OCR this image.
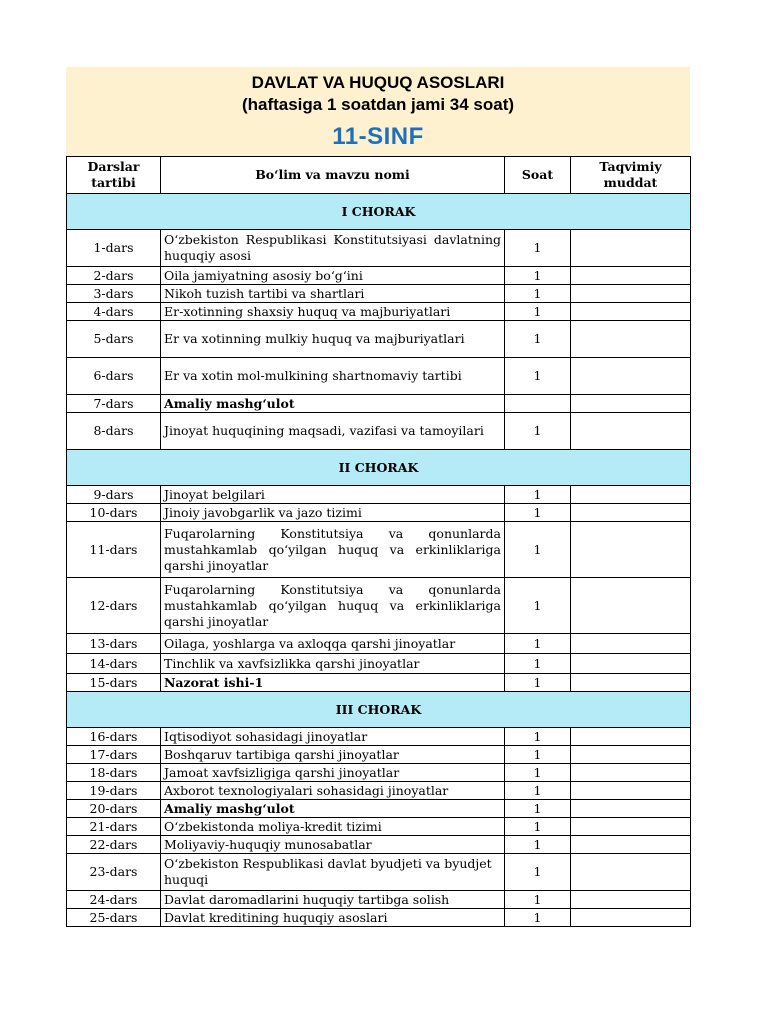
DAVLAT VA HUQUQ ASOSLARI
(haftasiga 1 soatdan jami 34 soat)
11-SINF
Darslar tartibi	Bo‘lim va mavzu nomi	Soat	Taqvimiy muddat
I CHORAK			
1-dars	O‘zbekiston Respublikasi Konstitutsiyasi davlatning huquqiy asosi	1	
2-dars	Oila jamiyatning asosiy bo‘g‘ini	1	
3-dars	Nikoh tuzish tartibi va shartlari	1	
4-dars	Er-xotinning shaxsiy huquq va majburiyatlari	1	
5-dars	Er va xotinning mulkiy huquq va majburiyatlari	1	
6-dars	Er va xotin mol-mulkining shartnomaviy tartibi	1	
7-dars	Amaliy mashg‘ulot		
8-dars	Jinoyat huquqining maqsadi, vazifasi va tamoyilari	1	
II CHORAK			
9-dars	Jinoyat belgilari	1	
10-dars	Jinoiy javobgarlik va jazo tizimi	1	
11-dars	Fuqarolarning Konstitutsiya va qonunlarda mustahkamlab qo‘yilgan huquq va erkinliklariga qarshi jinoyatlar	1	
12-dars	Fuqarolarning Konstitutsiya va qonunlarda mustahkamlab qo‘yilgan huquq va erkinliklariga qarshi jinoyatlar	1	
13-dars	Oilaga, yoshlarga va axloqqa qarshi jinoyatlar	1	
14-dars	Tinchlik va xavfsizlikka qarshi jinoyatlar	1	
15-dars	Nazorat ishi-1	1	
III CHORAK			
16-dars	Iqtisodiyot sohasidagi jinoyatlar	1	
17-dars	Boshqaruv tartibiga qarshi jinoyatlar	1	
18-dars	Jamoat xavfsizligiga qarshi jinoyatlar	1	
19-dars	Axborot texnologiyalari sohasidagi jinoyatlar	1	
20-dars	Amaliy mashg‘ulot	1	
21-dars	O‘zbekistonda moliya-kredit tizimi	1	
22-dars	Moliyaviy-huquqiy munosabatlar	1	
23-dars	O‘zbekiston Respublikasi davlat byudjeti va byudjet huquqi	1	
24-dars	Davlat daromadlarini huquqiy tartibga solish	1	
25-dars	Davlat kreditining huquqiy asoslari	1	
